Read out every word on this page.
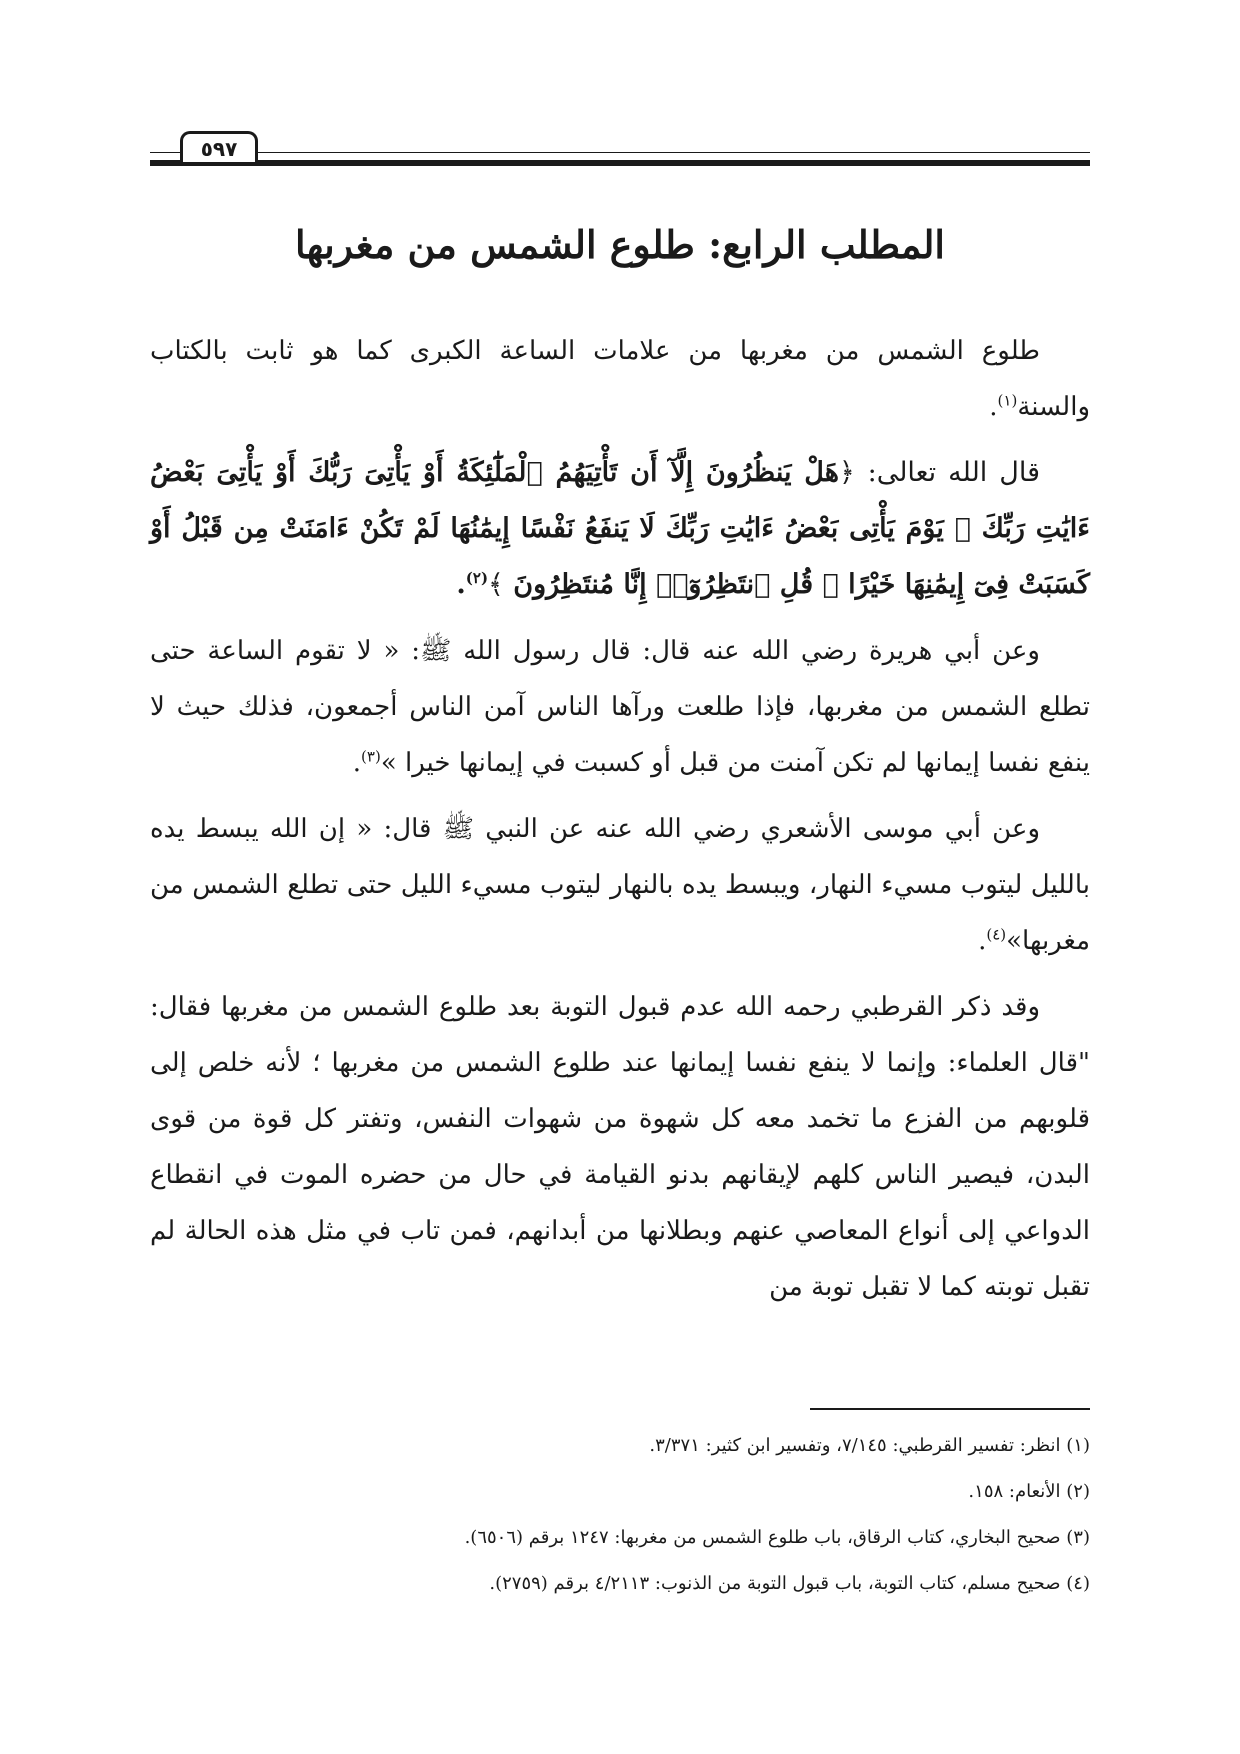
٥٩٧
المطلب الرابع: طلوع الشمس من مغربها

طلوع الشمس من مغربها من علامات الساعة الكبرى كما هو ثابت بالكتاب والسنة$^{(١)}$.

قال الله تعالى: ﴿هَلْ يَنظُرُونَ إِلَّآ أَن تَأْتِيَهُمُ ٱلْمَلَٰٓئِكَةُ أَوْ يَأْتِىَ رَبُّكَ أَوْ يَأْتِىَ بَعْضُ ءَايَٰتِ رَبِّكَ ۗ يَوْمَ يَأْتِى بَعْضُ ءَايَٰتِ رَبِّكَ لَا يَنفَعُ نَفْسًا إِيمَٰنُهَا لَمْ تَكُنْ ءَامَنَتْ مِن قَبْلُ أَوْ كَسَبَتْ فِىٓ إِيمَٰنِهَا خَيْرًا ۗ قُلِ ٱنتَظِرُوٓا۟ إِنَّا مُنتَظِرُونَ ﴾$^{(٢)}$.

وعن أبي هريرة رضي الله عنه قال: قال رسول الله ﷺ: « لا تقوم الساعة حتى تطلع الشمس من مغربها، فإذا طلعت ورآها الناس آمن الناس أجمعون، فذلك حيث لا ينفع نفسا إيمانها لم تكن آمنت من قبل أو كسبت في إيمانها خيرا »$^{(٣)}$.

وعن أبي موسى الأشعري رضي الله عنه عن النبي ﷺ قال: « إن الله يبسط يده بالليل ليتوب مسيء النهار، ويبسط يده بالنهار ليتوب مسيء الليل حتى تطلع الشمس من مغربها»$^{(٤)}$.

وقد ذكر القرطبي رحمه الله عدم قبول التوبة بعد طلوع الشمس من مغربها فقال: "قال العلماء: وإنما لا ينفع نفسا إيمانها عند طلوع الشمس من مغربها ؛ لأنه خلص إلى قلوبهم من الفزع ما تخمد معه كل شهوة من شهوات النفس، وتفتر كل قوة من قوى البدن، فيصير الناس كلهم لإيقانهم بدنو القيامة في حال من حضره الموت في انقطاع الدواعي إلى أنواع المعاصي عنهم وبطلانها من أبدانهم، فمن تاب في مثل هذه الحالة لم تقبل توبته كما لا تقبل توبة من

(١) انظر: تفسير القرطبي: ٧/١٤٥، وتفسير ابن كثير: ٣/٣٧١.
(٢) الأنعام: ١٥٨.
(٣) صحيح البخاري، كتاب الرقاق، باب طلوع الشمس من مغربها: ١٢٤٧ برقم (٦٥٠٦).
(٤) صحيح مسلم، كتاب التوبة، باب قبول التوبة من الذنوب: ٤/٢١١٣ برقم (٢٧٥٩).
